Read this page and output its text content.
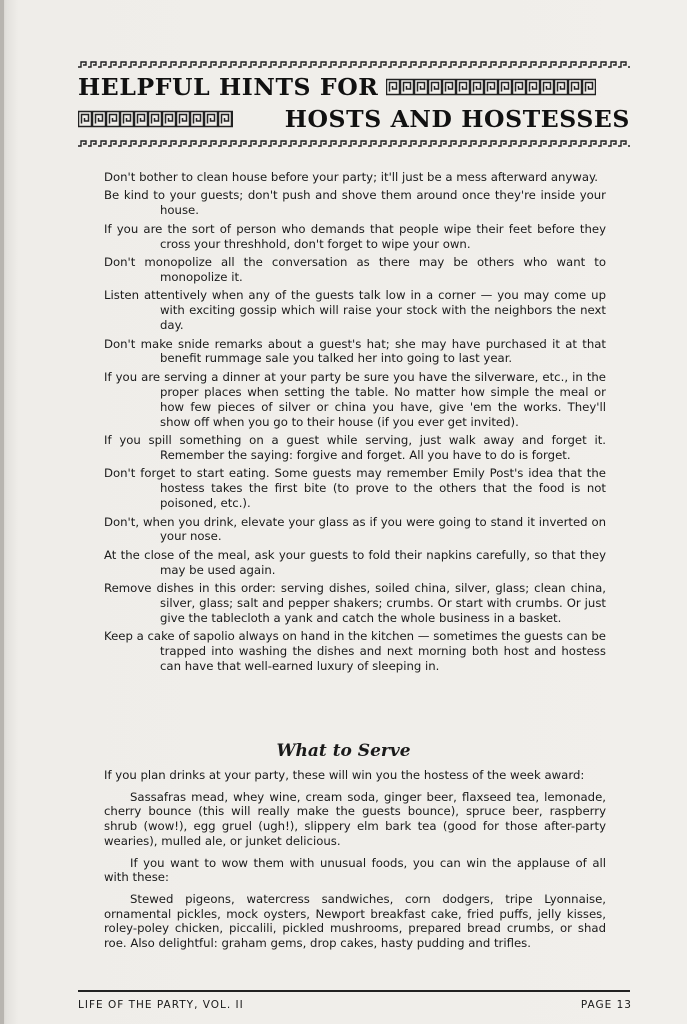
HELPFUL HINTS FOR
HOSTS AND HOSTESSES
Don't bother to clean house before your party; it'll just be a mess afterward anyway.
Be kind to your guests; don't push and shove them around once they're inside your house.
If you are the sort of person who demands that people wipe their feet before they cross your threshhold, don't forget to wipe your own.
Don't monopolize all the conversation as there may be others who want to monopolize it.
Listen attentively when any of the guests talk low in a corner — you may come up with exciting gossip which will raise your stock with the neighbors the next day.
Don't make snide remarks about a guest's hat; she may have purchased it at that benefit rummage sale you talked her into going to last year.
If you are serving a dinner at your party be sure you have the silverware, etc., in the proper places when setting the table. No matter how simple the meal or how few pieces of silver or china you have, give 'em the works. They'll show off when you go to their house (if you ever get invited).
If you spill something on a guest while serving, just walk away and forget it. Remember the saying: forgive and forget. All you have to do is forget.
Don't forget to start eating. Some guests may remember Emily Post's idea that the hostess takes the first bite (to prove to the others that the food is not poisoned, etc.).
Don't, when you drink, elevate your glass as if you were going to stand it inverted on your nose.
At the close of the meal, ask your guests to fold their napkins carefully, so that they may be used again.
Remove dishes in this order: serving dishes, soiled china, silver, glass; clean china, silver, glass; salt and pepper shakers; crumbs. Or start with crumbs. Or just give the tablecloth a yank and catch the whole business in a basket.
Keep a cake of sapolio always on hand in the kitchen — sometimes the guests can be trapped into washing the dishes and next morning both host and hostess can have that well-earned luxury of sleeping in.
What to Serve

If you plan drinks at your party, these will win you the hostess of the week award:

Sassafras mead, whey wine, cream soda, ginger beer, flaxseed tea, lemonade, cherry bounce (this will really make the guests bounce), spruce beer, raspberry shrub (wow!), egg gruel (ugh!), slippery elm bark tea (good for those after-party wearies), mulled ale, or junket delicious.

If you want to wow them with unusual foods, you can win the applause of all with these:

Stewed pigeons, watercress sandwiches, corn dodgers, tripe Lyonnaise, ornamental pickles, mock oysters, Newport breakfast cake, fried puffs, jelly kisses, roley-poley chicken, piccalili, pickled mushrooms, prepared bread crumbs, or shad roe. Also delightful: graham gems, drop cakes, hasty pudding and trifles.

LIFE OF THE PARTY, VOL. II	PAGE 13
